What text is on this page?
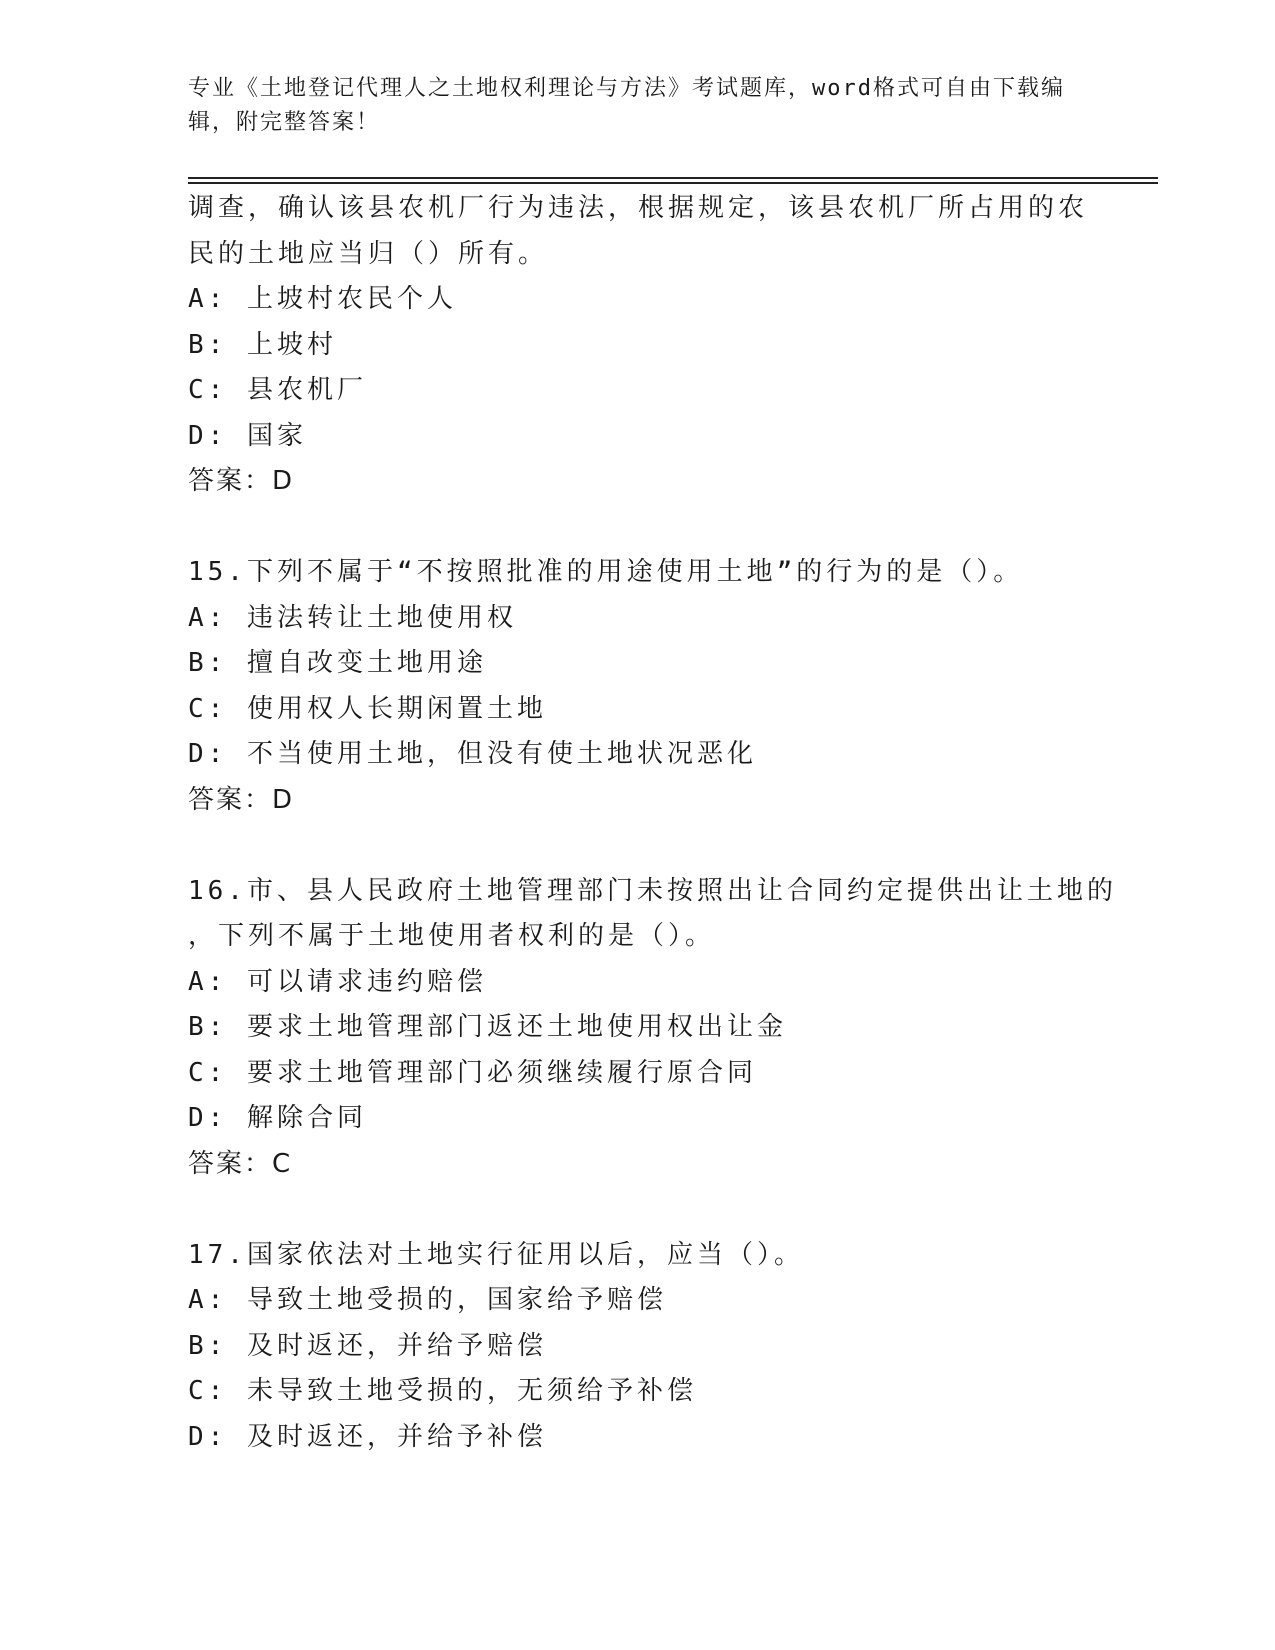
专业《土地登记代理人之土地权利理论与方法》考试题库，word格式可自由下载编辑，附完整答案！
调查，确认该县农机厂行为违法，根据规定，该县农机厂所占用的农
民的土地应当归（）所有。
A: 上坡村农民个人
B: 上坡村
C: 县农机厂
D: 国家
答案：D
15.下列不属于“不按照批准的用途使用土地”的行为的是（）。
A: 违法转让土地使用权
B: 擅自改变土地用途
C: 使用权人长期闲置土地
D: 不当使用土地，但没有使土地状况恶化
答案：D
16.市、县人民政府土地管理部门未按照出让合同约定提供出让土地的
，下列不属于土地使用者权利的是（）。
A: 可以请求违约赔偿
B: 要求土地管理部门返还土地使用权出让金
C: 要求土地管理部门必须继续履行原合同
D: 解除合同
答案：C
17.国家依法对土地实行征用以后，应当（）。
A: 导致土地受损的，国家给予赔偿
B: 及时返还，并给予赔偿
C: 未导致土地受损的，无须给予补偿
D: 及时返还，并给予补偿
